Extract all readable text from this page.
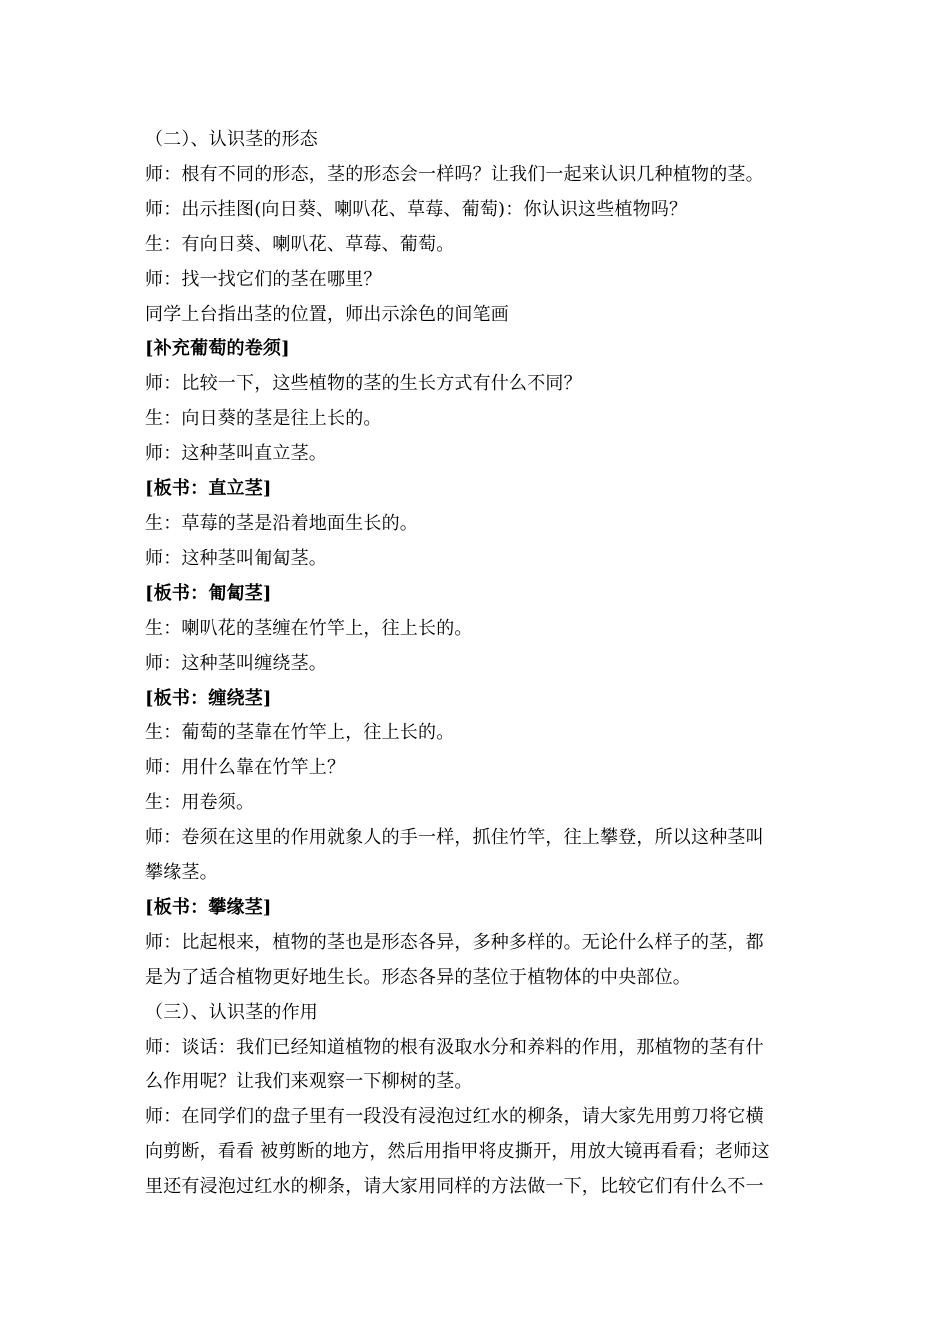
（二）、认识茎的形态
师：根有不同的形态，茎的形态会一样吗？让我们一起来认识几种植物的茎。
师：出示挂图(向日葵、喇叭花、草莓、葡萄)：你认识这些植物吗？
生：有向日葵、喇叭花、草莓、葡萄。
师：找一找它们的茎在哪里？
同学上台指出茎的位置，师出示涂色的间笔画
[补充葡萄的卷须]
师：比较一下，这些植物的茎的生长方式有什么不同？
生：向日葵的茎是往上长的。
师：这种茎叫直立茎。
[板书：直立茎]
生：草莓的茎是沿着地面生长的。
师：这种茎叫匍匐茎。
[板书：匍匐茎]
生：喇叭花的茎缠在竹竿上，往上长的。
师：这种茎叫缠绕茎。
[板书：缠绕茎]
生：葡萄的茎靠在竹竿上，往上长的。
师：用什么靠在竹竿上？
生：用卷须。
师：卷须在这里的作用就象人的手一样，抓住竹竿，往上攀登，所以这种茎叫
攀缘茎。
[板书：攀缘茎]
师：比起根来，植物的茎也是形态各异，多种多样的。无论什么样子的茎，都
是为了适合植物更好地生长。形态各异的茎位于植物体的中央部位。
（三）、认识茎的作用
师：谈话：我们已经知道植物的根有汲取水分和养料的作用，那植物的茎有什
么作用呢？让我们来观察一下柳树的茎。
师：在同学们的盘子里有一段没有浸泡过红水的柳条，请大家先用剪刀将它横
向剪断，看看 被剪断的地方，然后用指甲将皮撕开，用放大镜再看看；老师这
里还有浸泡过红水的柳条，请大家用同样的方法做一下，比较它们有什么不一
